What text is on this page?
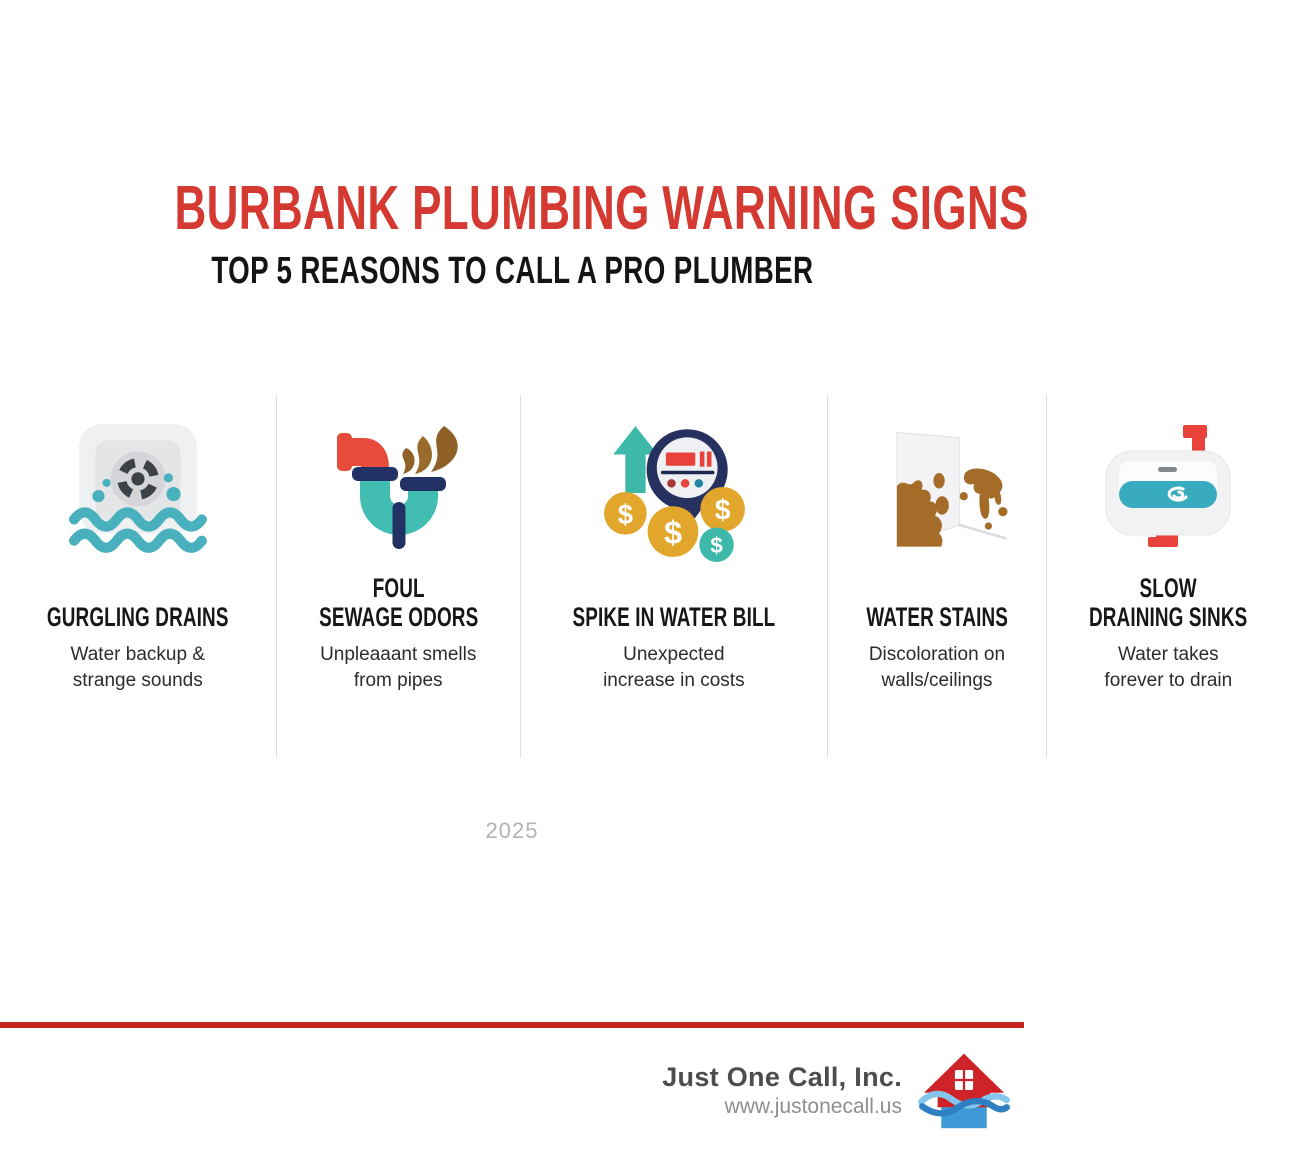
BURBANK PLUMBING WARNING SIGNS
TOP 5 REASONS TO CALL A PRO PLUMBER
GURGLING DRAINS
Water backup &
strange sounds
FOUL
SEWAGE ODORS
Unpleaaant smells
from pipes
$
$
$
$
SPIKE IN WATER BILL
Unexpected
increase in costs
WATER STAINS
Discoloration on
walls/ceilings
SLOW
DRAINING SINKS
Water takes
forever to drain
2025
Just One Call, Inc.
www.justonecall.us
